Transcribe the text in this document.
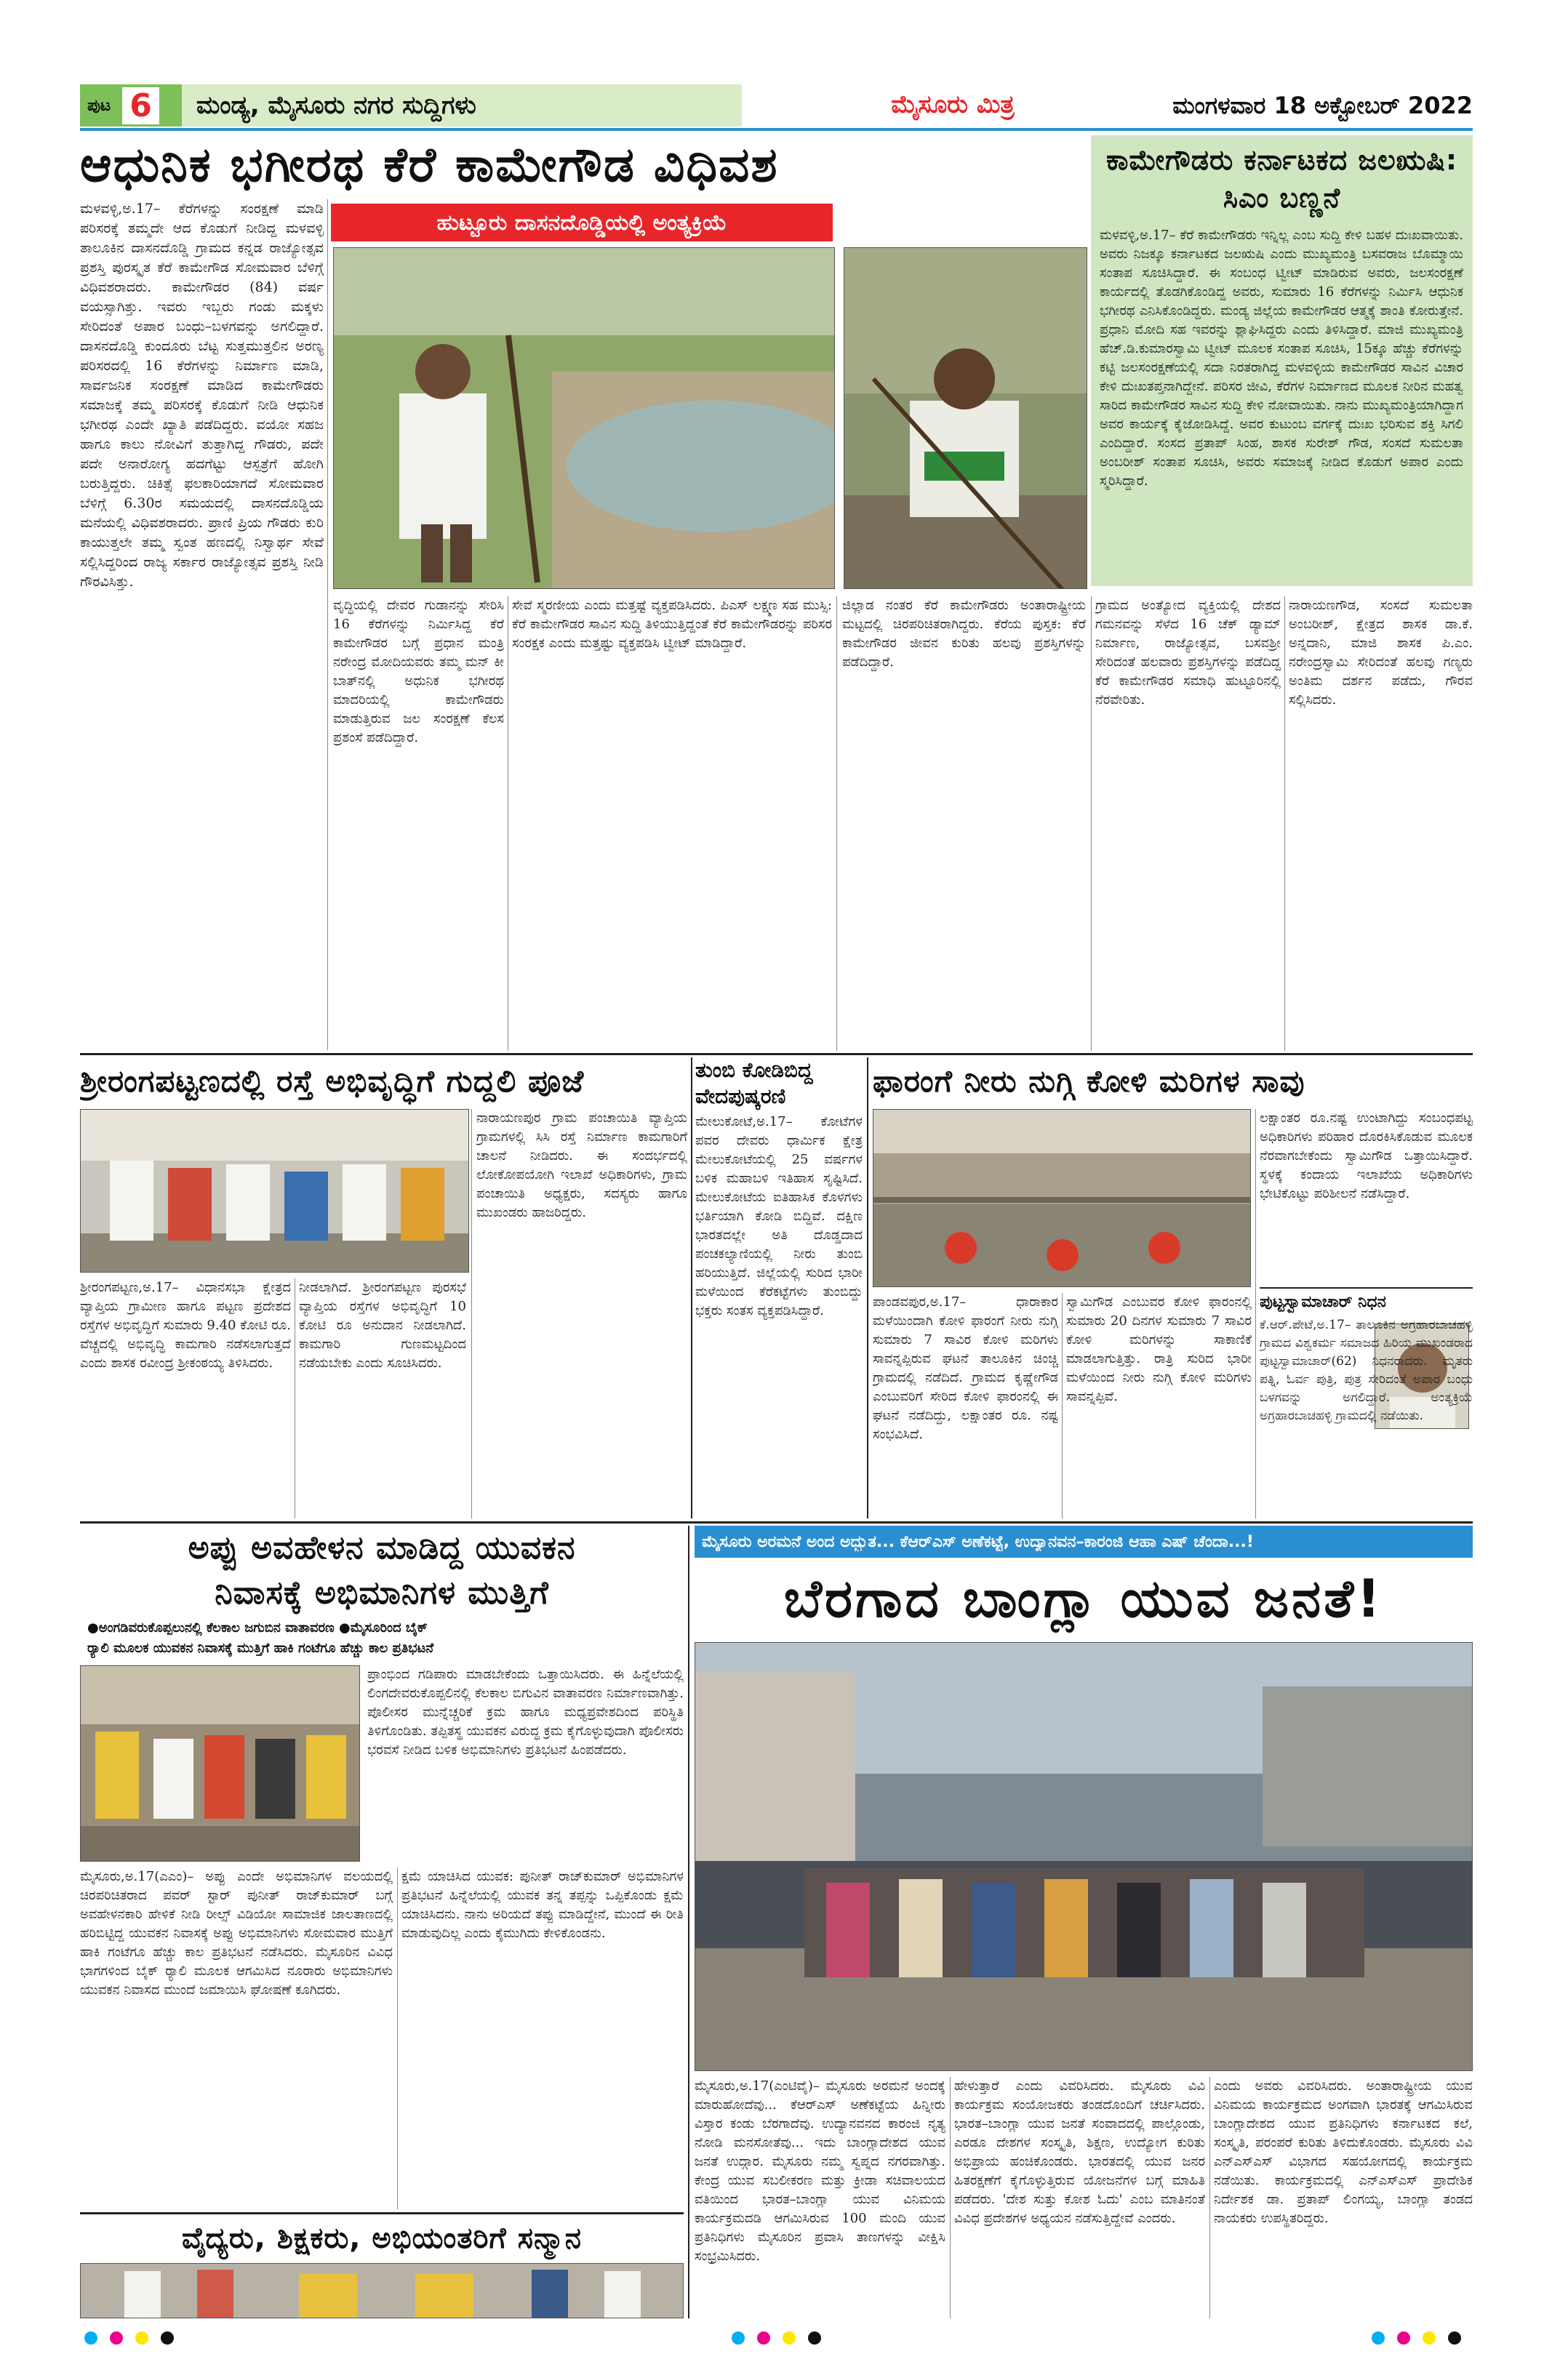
ಪುಟ 6 ಮಂಡ್ಯ, ಮೈಸೂರು ನಗರ ಸುದ್ದಿಗಳು	ಮೈಸೂರು ಮಿತ್ರ	ಮಂಗಳವಾರ 18 ಅಕ್ಟೋಬರ್ 2022
ಆಧುನಿಕ ಭಗೀರಥ ಕೆರೆ ಕಾಮೇಗೌಡ ವಿಧಿವಶ
ಹುಟ್ಟೂರು ದಾಸನದೊಡ್ಡಿಯಲ್ಲಿ ಅಂತ್ಯಕ್ರಿಯೆ
ಮಳವಳ್ಳಿ,ಅ.17– ಕೆರೆಗಳನ್ನು ಸಂರಕ್ಷಣೆ ಮಾಡಿ ಪರಿಸರಕ್ಕೆ ತಮ್ಮದೇ ಆದ ಕೊಡುಗೆ ನೀಡಿದ್ದ ಮಳವಳ್ಳಿ ತಾಲೂಕಿನ ದಾಸನದೊಡ್ಡಿ ಗ್ರಾಮದ ಕನ್ನಡ ರಾಜ್ಯೋತ್ಸವ ಪ್ರಶಸ್ತಿ ಪುರಸ್ಕೃತ ಕೆರೆ ಕಾಮೇಗೌಡ ಸೋಮವಾರ ಬೆಳಿಗ್ಗೆ ವಿಧಿವಶರಾದರು. ಕಾಮೇಗೌಡರ (84) ವರ್ಷ ವಯಸ್ಸಾಗಿತ್ತು. ಇವರು ಇಬ್ಬರು ಗಂಡು ಮಕ್ಕಳು ಸೇರಿದಂತೆ ಅಪಾರ ಬಂಧು–ಬಳಗವನ್ನು ಅಗಲಿದ್ದಾರೆ. ದಾಸನದೊಡ್ಡಿ ಕುಂದೂರು ಬೆಟ್ಟ ಸುತ್ತಮುತ್ತಲಿನ ಅರಣ್ಯ ಪರಿಸರದಲ್ಲಿ 16 ಕೆರೆಗಳನ್ನು ನಿರ್ಮಾಣ ಮಾಡಿ, ಸಾರ್ವಜನಿಕ ಸಂರಕ್ಷಣೆ ಮಾಡಿದ ಕಾಮೇಗೌಡರು ಸಮಾಜಕ್ಕೆ ತಮ್ಮ ಪರಿಸರಕ್ಕೆ ಕೊಡುಗೆ ನೀಡಿ ಆಧುನಿಕ ಭಗೀರಥ ಎಂದೇ ಖ್ಯಾತಿ ಪಡೆದಿದ್ದರು. ವಯೋ ಸಹಜ ಹಾಗೂ ಕಾಲು ನೋವಿಗೆ ತುತ್ತಾಗಿದ್ದ ಗೌಡರು, ಪದೇ ಪದೇ ಅನಾರೋಗ್ಯ ಹದಗೆಟ್ಟು ಆಸ್ಪತ್ರೆಗೆ ಹೋಗಿ ಬರುತ್ತಿದ್ದರು. ಚಿಕಿತ್ಸೆ ಫಲಕಾರಿಯಾಗದೆ ಸೋಮವಾರ ಬೆಳಿಗ್ಗೆ 6.30ರ ಸಮಯದಲ್ಲಿ ದಾಸನದೊಡ್ಡಿಯ ಮನೆಯಲ್ಲಿ ವಿಧಿವಶರಾದರು. ಪ್ರಾಣಿ ಪ್ರಿಯ ಗೌಡರು ಕುರಿ ಕಾಯುತ್ತಲೇ ತಮ್ಮ ಸ್ವಂತ ಹಣದಲ್ಲಿ ನಿಸ್ವಾರ್ಥ ಸೇವೆ ಸಲ್ಲಿಸಿದ್ದರಿಂದ ರಾಜ್ಯ ಸರ್ಕಾರ ರಾಜ್ಯೋತ್ಸವ ಪ್ರಶಸ್ತಿ ನೀಡಿ ಗೌರವಿಸಿತ್ತು.
ವೃದ್ಧಿಯಲ್ಲಿ ದೇವರ ಗುಡಾನನ್ನು ಸೇರಿಸಿ 16 ಕೆರೆಗಳನ್ನು ನಿರ್ಮಿಸಿದ್ದ ಕೆರೆ ಕಾಮೇಗೌಡರ ಬಗ್ಗೆ ಪ್ರಧಾನ ಮಂತ್ರಿ ನರೇಂದ್ರ ಮೋದಿಯವರು ತಮ್ಮ ಮನ್ ಕೀ ಬಾತ್‌ನಲ್ಲಿ ಅಧುನಿಕ ಭಗೀರಥ ಮಾದರಿಯಲ್ಲಿ ಕಾಮೇಗೌಡರು ಮಾಡುತ್ತಿರುವ ಜಲ ಸಂರಕ್ಷಣೆ ಕೆಲಸ ಪ್ರಶಂಸೆ ಪಡೆದಿದ್ದಾರೆ.
ಸೇವೆ ಸ್ಮರಣೀಯ ಎಂದು ಮತ್ತಷ್ಟೆ ವ್ಯಕ್ತಪಡಿಸಿದರು. ಪಿಎಸ್ ಲಕ್ಷ್ಮಣ ಸಹ ಮುಸ್ಸಿ: ಕೆರೆ ಕಾಮೇಗೌಡರ ಸಾವಿನ ಸುದ್ದಿ ತಿಳಿಯುತ್ತಿದ್ದಂತೆ ಕೆರೆ ಕಾಮೇಗೌಡರನ್ನು ಪರಿಸರ ಸಂರಕ್ಷಕ ಎಂದು ಮತ್ತಷ್ಟು ವ್ಯಕ್ತಪಡಿಸಿ ಟ್ವೀಟ್ ಮಾಡಿದ್ದಾರೆ.
ಜಿಲ್ಲಾಡ ನಂತರ ಕೆರೆ ಕಾಮೇಗೌಡರು ಅಂತಾರಾಷ್ಟ್ರೀಯ ಮಟ್ಟದಲ್ಲಿ ಚಿರಪರಿಚಿತರಾಗಿದ್ದರು. ಕೆರೆಯ ಪುಸ್ತಕ: ಕೆರೆ ಕಾಮೇಗೌಡರ ಜೀವನ ಕುರಿತು ಹಲವು ಪ್ರಶಸ್ತಿಗಳನ್ನು ಪಡೆದಿದ್ದಾರೆ.
ಕಾಮೇಗೌಡರು ಕರ್ನಾಟಕದ ಜಲಋಷಿ: ಸಿಎಂ ಬಣ್ಣನೆ
ಮಳವಳ್ಳಿ,ಅ.17– ಕೆರೆ ಕಾಮೇಗೌಡರು ಇನ್ನಿಲ್ಲ ಎಂಬ ಸುದ್ದಿ ಕೇಳಿ ಬಹಳ ದುಃಖವಾಯಿತು. ಅವರು ನಿಜಕ್ಕೂ ಕರ್ನಾಟಕದ ಜಲಋಷಿ ಎಂದು ಮುಖ್ಯಮಂತ್ರಿ ಬಸವರಾಜ ಬೊಮ್ಮಾಯಿ ಸಂತಾಪ ಸೂಚಿಸಿದ್ದಾರೆ. ಈ ಸಂಬಂಧ ಟ್ವೀಟ್ ಮಾಡಿರುವ ಅವರು, ಜಲಸಂರಕ್ಷಣೆ ಕಾರ್ಯದಲ್ಲಿ ತೊಡಗಿಕೊಂಡಿದ್ದ ಅವರು, ಸುಮಾರು 16 ಕೆರೆಗಳನ್ನು ನಿರ್ಮಿಸಿ ಆಧುನಿಕ ಭಗೀರಥ ಎನಿಸಿಕೊಂಡಿದ್ದರು. ಮಂಡ್ಯ ಜಿಲ್ಲೆಯ ಕಾಮೇಗೌಡರ ಆತ್ಮಕ್ಕೆ ಶಾಂತಿ ಕೋರುತ್ತೇನೆ. ಪ್ರಧಾನಿ ಮೋದಿ ಸಹ ಇವರನ್ನು ಶ್ಲಾಘಿಸಿದ್ದರು ಎಂದು ತಿಳಿಸಿದ್ದಾರೆ. ಮಾಜಿ ಮುಖ್ಯಮಂತ್ರಿ ಹೆಚ್.ಡಿ.ಕುಮಾರಸ್ವಾಮಿ ಟ್ವೀಟ್ ಮೂಲಕ ಸಂತಾಪ ಸೂಚಿಸಿ, 15ಕ್ಕೂ ಹೆಚ್ಚು ಕೆರೆಗಳನ್ನು ಕಟ್ಟಿ ಜಲಸಂರಕ್ಷಣೆಯಲ್ಲಿ ಸದಾ ನಿರತರಾಗಿದ್ದ ಮಳವಳ್ಳಿಯ ಕಾಮೇಗೌಡರ ಸಾವಿನ ವಿಚಾರ ಕೇಳಿ ದುಃಖತಪ್ತನಾಗಿದ್ದೇನೆ. ಪರಿಸರ ಜೀವಿ, ಕೆರೆಗಳ ನಿರ್ಮಾಣದ ಮೂಲಕ ನೀರಿನ ಮಹತ್ವ ಸಾರಿದ ಕಾಮೇಗೌಡರ ಸಾವಿನ ಸುದ್ದಿ ಕೇಳಿ ನೋವಾಯಿತು. ನಾನು ಮುಖ್ಯಮಂತ್ರಿಯಾಗಿದ್ದಾಗ ಅವರ ಕಾರ್ಯಕ್ಕೆ ಕೈಜೋಡಿಸಿದ್ದೆ. ಅವರ ಕುಟುಂಬ ವರ್ಗಕ್ಕೆ ದುಃಖ ಭರಿಸುವ ಶಕ್ತಿ ಸಿಗಲಿ ಎಂದಿದ್ದಾರೆ. ಸಂಸದ ಪ್ರತಾಪ್ ಸಿಂಹ, ಶಾಸಕ ಸುರೇಶ್ ಗೌಡ, ಸಂಸದೆ ಸುಮಲತಾ ಅಂಬರೀಶ್ ಸಂತಾಪ ಸೂಚಿಸಿ, ಅವರು ಸಮಾಜಕ್ಕೆ ನೀಡಿದ ಕೊಡುಗೆ ಅಪಾರ ಎಂದು ಸ್ಮರಿಸಿದ್ದಾರೆ.
ಗ್ರಾಮದ ಅಂತ್ಯೋದ ವ್ಯಕ್ತಿಯಲ್ಲಿ ದೇಶದ ಗಮನವನ್ನು ಸೆಳೆದ 16 ಚೆಕ್ ಡ್ಯಾಮ್ ನಿರ್ಮಾಣ, ರಾಜ್ಯೋತ್ಸವ, ಬಸವಶ್ರೀ ಸೇರಿದಂತೆ ಹಲವಾರು ಪ್ರಶಸ್ತಿಗಳನ್ನು ಪಡೆದಿದ್ದ ಕೆರೆ ಕಾಮೇಗೌಡರ ಸಮಾಧಿ ಹುಟ್ಟೂರಿನಲ್ಲಿ ನೆರವೇರಿತು.
ನಾರಾಯಣಗೌಡ, ಸಂಸದೆ ಸುಮಲತಾ ಅಂಬರೀಶ್, ಕ್ಷೇತ್ರದ ಶಾಸಕ ಡಾ.ಕೆ. ಅನ್ನದಾನಿ, ಮಾಜಿ ಶಾಸಕ ಪಿ.ಎಂ. ನರೇಂದ್ರಸ್ವಾಮಿ ಸೇರಿದಂತೆ ಹಲವು ಗಣ್ಯರು ಅಂತಿಮ ದರ್ಶನ ಪಡೆದು, ಗೌರವ ಸಲ್ಲಿಸಿದರು.
ಶ್ರೀರಂಗಪಟ್ಟಣದಲ್ಲಿ ರಸ್ತೆ ಅಭಿವೃದ್ಧಿಗೆ ಗುದ್ದಲಿ ಪೂಜೆ
ಶ್ರೀರಂಗಪಟ್ಟಣ,ಅ.17– ವಿಧಾನಸಭಾ ಕ್ಷೇತ್ರದ ವ್ಯಾಪ್ತಿಯ ಗ್ರಾಮೀಣ ಹಾಗೂ ಪಟ್ಟಣ ಪ್ರದೇಶದ ರಸ್ತೆಗಳ ಅಭಿವೃದ್ಧಿಗೆ ಸುಮಾರು 9.40 ಕೋಟಿ ರೂ. ವೆಚ್ಚದಲ್ಲಿ ಅಭಿವೃದ್ಧಿ ಕಾಮಗಾರಿ ನಡೆಸಲಾಗುತ್ತದೆ ಎಂದು ಶಾಸಕ ರವೀಂದ್ರ ಶ್ರೀಕಂಠಯ್ಯ ತಿಳಿಸಿದರು.
ನೀಡಲಾಗಿದೆ. ಶ್ರೀರಂಗಪಟ್ಟಣ ಪುರಸಭೆ ವ್ಯಾಪ್ತಿಯ ರಸ್ತೆಗಳ ಅಭಿವೃದ್ಧಿಗೆ 10 ಕೋಟಿ ರೂ ಅನುದಾನ ನೀಡಲಾಗಿದೆ. ಕಾಮಗಾರಿ ಗುಣಮಟ್ಟದಿಂದ ನಡೆಯಬೇಕು ಎಂದು ಸೂಚಿಸಿದರು.
ನಾರಾಯಣಪುರ ಗ್ರಾಮ ಪಂಚಾಯಿತಿ ವ್ಯಾಪ್ತಿಯ ಗ್ರಾಮಗಳಲ್ಲಿ ಸಿಸಿ ರಸ್ತೆ ನಿರ್ಮಾಣ ಕಾಮಗಾರಿಗೆ ಚಾಲನೆ ನೀಡಿದರು. ಈ ಸಂದರ್ಭದಲ್ಲಿ ಲೋಕೋಪಯೋಗಿ ಇಲಾಖೆ ಅಧಿಕಾರಿಗಳು, ಗ್ರಾಮ ಪಂಚಾಯಿತಿ ಅಧ್ಯಕ್ಷರು, ಸದಸ್ಯರು ಹಾಗೂ ಮುಖಂಡರು ಹಾಜರಿದ್ದರು.
ತುಂಬಿ ಕೋಡಿಬಿದ್ದ ವೇದಪುಷ್ಕರಣಿ
ಮೇಲುಕೋಟೆ,ಅ.17– ಕೋಟೆಗಳ ಪವರ ದೇವರು ಧಾರ್ಮಿಕ ಕ್ಷೇತ್ರ ಮೇಲುಕೋಟೆಯಲ್ಲಿ 25 ವರ್ಷಗಳ ಬಳಿಕ ಮಹಾಬಳಿ ಇತಿಹಾಸ ಸೃಷ್ಟಿಸಿದೆ. ಮೇಲುಕೋಟೆಯ ಐತಿಹಾಸಿಕ ಕೊಳಗಳು ಭರ್ತಿಯಾಗಿ ಕೋಡಿ ಬಿದ್ದಿವೆ. ದಕ್ಷಿಣ ಭಾರತದಲ್ಲೇ ಅತಿ ದೊಡ್ಡದಾದ ಪಂಚಕಲ್ಯಾಣಿಯಲ್ಲಿ ನೀರು ತುಂಬಿ ಹರಿಯುತ್ತಿದೆ. ಜಿಲ್ಲೆಯಲ್ಲಿ ಸುರಿದ ಭಾರೀ ಮಳೆಯಿಂದ ಕೆರೆಕಟ್ಟೆಗಳು ತುಂಬಿದ್ದು ಭಕ್ತರು ಸಂತಸ ವ್ಯಕ್ತಪಡಿಸಿದ್ದಾರೆ.
ಫಾರಂಗೆ ನೀರು ನುಗ್ಗಿ ಕೋಳಿ ಮರಿಗಳ ಸಾವು
ಪಾಂಡವಪುರ,ಅ.17– ಧಾರಾಕಾರ ಮಳೆಯಿಂದಾಗಿ ಕೋಳಿ ಫಾರಂಗೆ ನೀರು ನುಗ್ಗಿ ಸುಮಾರು 7 ಸಾವಿರ ಕೋಳಿ ಮರಿಗಳು ಸಾವನ್ನಪ್ಪಿರುವ ಘಟನೆ ತಾಲೂಕಿನ ಚಿಂಚ್ಚಿ ಗ್ರಾಮದಲ್ಲಿ ನಡೆದಿದೆ. ಗ್ರಾಮದ ಕೃಷ್ಣೇಗೌಡ ಎಂಬುವರಿಗೆ ಸೇರಿದ ಕೋಳಿ ಫಾರಂನಲ್ಲಿ ಈ ಘಟನೆ ನಡೆದಿದ್ದು, ಲಕ್ಷಾಂತರ ರೂ. ನಷ್ಟ ಸಂಭವಿಸಿದೆ.
ಸ್ವಾಮಿಗೌಡ ಎಂಬುವರ ಕೋಳಿ ಫಾರಂನಲ್ಲಿ ಸುಮಾರು 20 ದಿನಗಳ ಸುಮಾರು 7 ಸಾವಿರ ಕೋಳಿ ಮರಿಗಳನ್ನು ಸಾಕಾಣಿಕೆ ಮಾಡಲಾಗುತ್ತಿತ್ತು. ರಾತ್ರಿ ಸುರಿದ ಭಾರೀ ಮಳೆಯಿಂದ ನೀರು ನುಗ್ಗಿ ಕೋಳಿ ಮರಿಗಳು ಸಾವನ್ನಪ್ಪಿವೆ.
ಲಕ್ಷಾಂತರ ರೂ.ನಷ್ಟ ಉಂಟಾಗಿದ್ದು ಸಂಬಂಧಪಟ್ಟ ಅಧಿಕಾರಿಗಳು ಪರಿಹಾರ ದೊರಕಿಸಿಕೊಡುವ ಮೂಲಕ ನೆರವಾಗಬೇಕೆಂದು ಸ್ವಾಮಿಗೌಡ ಒತ್ತಾಯಿಸಿದ್ದಾರೆ. ಸ್ಥಳಕ್ಕೆ ಕಂದಾಯ ಇಲಾಖೆಯ ಅಧಿಕಾರಿಗಳು ಭೇಟಿಕೊಟ್ಟು ಪರಿಶೀಲನೆ ನಡೆಸಿದ್ದಾರೆ.
ಪುಟ್ಟಸ್ವಾಮಾಚಾರ್ ನಿಧನ
ಕೆ.ಆರ್.ಪೇಟೆ,ಅ.17– ತಾಲೂಕಿನ ಅಗ್ರಹಾರಬಾಚಹಳ್ಳಿ ಗ್ರಾಮದ ವಿಶ್ವಕರ್ಮ ಸಮಾಜದ ಹಿರಿಯ ಮುಖಂಡರಾದ ಪುಟ್ಟಸ್ವಾಮಾಚಾರ್(62) ನಿಧನರಾದರು. ಮೃತರು ಪತ್ನಿ, ಓರ್ವ ಪುತ್ರಿ, ಪುತ್ರ ಸೇರಿದಂತೆ ಅಪಾರ ಬಂಧು ಬಳಗವನ್ನು ಅಗಲಿದ್ದಾರೆ. ಅಂತ್ಯಕ್ರಿಯೆ ಅಗ್ರಹಾರಬಾಚಹಳ್ಳಿ ಗ್ರಾಮದಲ್ಲಿ ನಡೆಯಿತು.
ಅಪ್ಪು ಅವಹೇಳನ ಮಾಡಿದ್ದ ಯುವಕನ
ನಿವಾಸಕ್ಕೆ ಅಭಿಮಾನಿಗಳ ಮುತ್ತಿಗೆ
●ಅಂಗಡಿವರುಕೊಪ್ಪಲುನಲ್ಲಿ ಕೆಲಕಾಲ ಜಗುಬಿನ ವಾತಾವರಣ ●ಮೈಸೂರಿಂದ ಬೈಕ್
ರ್‍ಯಾಲಿ ಮೂಲಕ ಯುವಕನ ನಿವಾಸಕ್ಕೆ ಮುತ್ತಿಗೆ ಹಾಕಿ ಗಂಟೆಗೂ ಹೆಚ್ಚು ಕಾಲ ಪ್ರತಿಭಟನೆ
ಪ್ರಾಂಭಿಂದ ಗಡಿಪಾರು ಮಾಡಬೇಕೆಂದು ಒತ್ತಾಯಿಸಿದರು. ಈ ಹಿನ್ನೆಲೆಯಲ್ಲಿ ಲಿಂಗದೇವರುಕೊಪ್ಪಲಿನಲ್ಲಿ ಕೆಲಕಾಲ ಬಿಗುವಿನ ವಾತಾವರಣ ನಿರ್ಮಾಣವಾಗಿತ್ತು. ಪೊಲೀಸರ ಮುನ್ನೆಚ್ಚರಿಕೆ ಕ್ರಮ ಹಾಗೂ ಮಧ್ಯಪ್ರವೇಶದಿಂದ ಪರಿಸ್ಥಿತಿ ತಿಳಿಗೊಂಡಿತು. ತಪ್ಪಿತಸ್ಥ ಯುವಕನ ವಿರುದ್ಧ ಕ್ರಮ ಕೈಗೊಳ್ಳುವುದಾಗಿ ಪೊಲೀಸರು ಭರವಸೆ ನೀಡಿದ ಬಳಿಕ ಅಭಿಮಾನಿಗಳು ಪ್ರತಿಭಟನೆ ಹಿಂಪಡೆದರು.
ಮೈಸೂರು,ಅ.17(ಎಎಂ)– ಅಪ್ಪು ಎಂದೇ ಅಭಿಮಾನಿಗಳ ವಲಯದಲ್ಲಿ ಚಿರಪರಿಚಿತರಾದ ಪವರ್ ಸ್ಟಾರ್ ಪುನೀತ್ ರಾಜ್‌ಕುಮಾರ್ ಬಗ್ಗೆ ಅವಹೇಳನಕಾರಿ ಹೇಳಿಕೆ ನೀಡಿ ರೀಲ್ಸ್ ವಿಡಿಯೋ ಸಾಮಾಜಿಕ ಜಾಲತಾಣದಲ್ಲಿ ಹರಿಬಿಟ್ಟಿದ್ದ ಯುವಕನ ನಿವಾಸಕ್ಕೆ ಅಪ್ಪು ಅಭಿಮಾನಿಗಳು ಸೋಮವಾರ ಮುತ್ತಿಗೆ ಹಾಕಿ ಗಂಟೆಗೂ ಹೆಚ್ಚು ಕಾಲ ಪ್ರತಿಭಟನೆ ನಡೆಸಿದರು. ಮೈಸೂರಿನ ವಿವಿಧ ಭಾಗಗಳಿಂದ ಬೈಕ್ ರ್‍ಯಾಲಿ ಮೂಲಕ ಆಗಮಿಸಿದ ನೂರಾರು ಅಭಿಮಾನಿಗಳು ಯುವಕನ ನಿವಾಸದ ಮುಂದೆ ಜಮಾಯಿಸಿ ಘೋಷಣೆ ಕೂಗಿದರು.
ಕ್ಷಮೆ ಯಾಚಿಸಿದ ಯುವಕ: ಪುನೀತ್ ರಾಜ್‌ಕುಮಾರ್ ಅಭಿಮಾನಿಗಳ ಪ್ರತಿಭಟನೆ ಹಿನ್ನೆಲೆಯಲ್ಲಿ ಯುವಕ ತನ್ನ ತಪ್ಪನ್ನು ಒಪ್ಪಿಕೊಂಡು ಕ್ಷಮೆ ಯಾಚಿಸಿದನು. ನಾನು ಅರಿಯದೆ ತಪ್ಪು ಮಾಡಿದ್ದೇನೆ, ಮುಂದೆ ಈ ರೀತಿ ಮಾಡುವುದಿಲ್ಲ ಎಂದು ಕೈಮುಗಿದು ಕೇಳಿಕೊಂಡನು.
ಮೈಸೂರು ಅರಮನೆ ಅಂದ ಅದ್ಭುತ... ಕೆಆರ್‌ಎಸ್ ಅಣೆಕಟ್ಟೆ, ಉದ್ಯಾನವನ–ಕಾರಂಜಿ ಆಹಾ ಎಷ್ ಚೆಂದಾ...!
ಬೆರಗಾದ ಬಾಂಗ್ಲಾ ಯುವ ಜನತೆ!
ಮೈಸೂರು,ಅ.17(ಎಂಟಿವೈ)– ಮೈಸೂರು ಅರಮನೆ ಅಂದಕ್ಕೆ ಮಾರುಹೋದೆವು... ಕೆಆರ್‌ಎಸ್ ಅಣೆಕಟ್ಟೆಯ ಹಿನ್ನೀರು ವಿಸ್ತಾರ ಕಂಡು ಬೆರಗಾದೆವು. ಉದ್ಯಾನವನದ ಕಾರಂಜಿ ನೃತ್ಯ ನೋಡಿ ಮನಸೋತೆವು... ಇದು ಬಾಂಗ್ಲಾದೇಶದ ಯುವ ಜನತೆ ಉದ್ಗಾರ. ಮೈಸೂರು ನಮ್ಮ ಸ್ವಪ್ನದ ನಗರವಾಗಿತ್ತು. ಕೇಂದ್ರ ಯುವ ಸಬಲೀಕರಣ ಮತ್ತು ಕ್ರೀಡಾ ಸಚಿವಾಲಯದ ವತಿಯಿಂದ ಭಾರತ–ಬಾಂಗ್ಲಾ ಯುವ ವಿನಿಮಯ ಕಾರ್ಯಕ್ರಮದಡಿ ಆಗಮಿಸಿರುವ 100 ಮಂದಿ ಯುವ ಪ್ರತಿನಿಧಿಗಳು ಮೈಸೂರಿನ ಪ್ರವಾಸಿ ತಾಣಗಳನ್ನು ವೀಕ್ಷಿಸಿ ಸಂಭ್ರಮಿಸಿದರು.
ಹೇಳುತ್ತಾರೆ ಎಂದು ವಿವರಿಸಿದರು. ಮೈಸೂರು ವಿವಿ ಕಾರ್ಯಕ್ರಮ ಸಂಯೋಜಕರು ತಂಡದೊಂದಿಗೆ ಚರ್ಚಿಸಿದರು. ಭಾರತ–ಬಾಂಗ್ಲಾ ಯುವ ಜನತೆ ಸಂವಾದದಲ್ಲಿ ಪಾಲ್ಗೊಂಡು, ಎರಡೂ ದೇಶಗಳ ಸಂಸ್ಕೃತಿ, ಶಿಕ್ಷಣ, ಉದ್ಯೋಗ ಕುರಿತು ಅಭಿಪ್ರಾಯ ಹಂಚಿಕೊಂಡರು. ಭಾರತದಲ್ಲಿ ಯುವ ಜನರ ಹಿತರಕ್ಷಣೆಗೆ ಕೈಗೊಳ್ಳುತ್ತಿರುವ ಯೋಜನೆಗಳ ಬಗ್ಗೆ ಮಾಹಿತಿ ಪಡೆದರು. 'ದೇಶ ಸುತ್ತು ಕೋಶ ಓದು' ಎಂಬ ಮಾತಿನಂತೆ ವಿವಿಧ ಪ್ರದೇಶಗಳ ಅಧ್ಯಯನ ನಡೆಸುತ್ತಿದ್ದೇವೆ ಎಂದರು.
ಎಂದು ಅವರು ವಿವರಿಸಿದರು. ಅಂತಾರಾಷ್ಟ್ರೀಯ ಯುವ ವಿನಿಮಯ ಕಾರ್ಯಕ್ರಮದ ಅಂಗವಾಗಿ ಭಾರತಕ್ಕೆ ಆಗಮಿಸಿರುವ ಬಾಂಗ್ಲಾದೇಶದ ಯುವ ಪ್ರತಿನಿಧಿಗಳು ಕರ್ನಾಟಕದ ಕಲೆ, ಸಂಸ್ಕೃತಿ, ಪರಂಪರೆ ಕುರಿತು ತಿಳಿದುಕೊಂಡರು. ಮೈಸೂರು ವಿವಿ ಎನ್‌ಎಸ್‌ಎಸ್ ವಿಭಾಗದ ಸಹಯೋಗದಲ್ಲಿ ಕಾರ್ಯಕ್ರಮ ನಡೆಯಿತು. ಕಾರ್ಯಕ್ರಮದಲ್ಲಿ ಎನ್‌ಎಸ್‌ಎಸ್ ಪ್ರಾದೇಶಿಕ ನಿರ್ದೇಶಕ ಡಾ. ಪ್ರತಾಪ್ ಲಿಂಗಯ್ಯ, ಬಾಂಗ್ಲಾ ತಂಡದ ನಾಯಕರು ಉಪಸ್ಥಿತರಿದ್ದರು.
ವೈದ್ಯರು, ಶಿಕ್ಷಕರು, ಅಭಿಯಂತರಿಗೆ ಸನ್ಮಾನ
